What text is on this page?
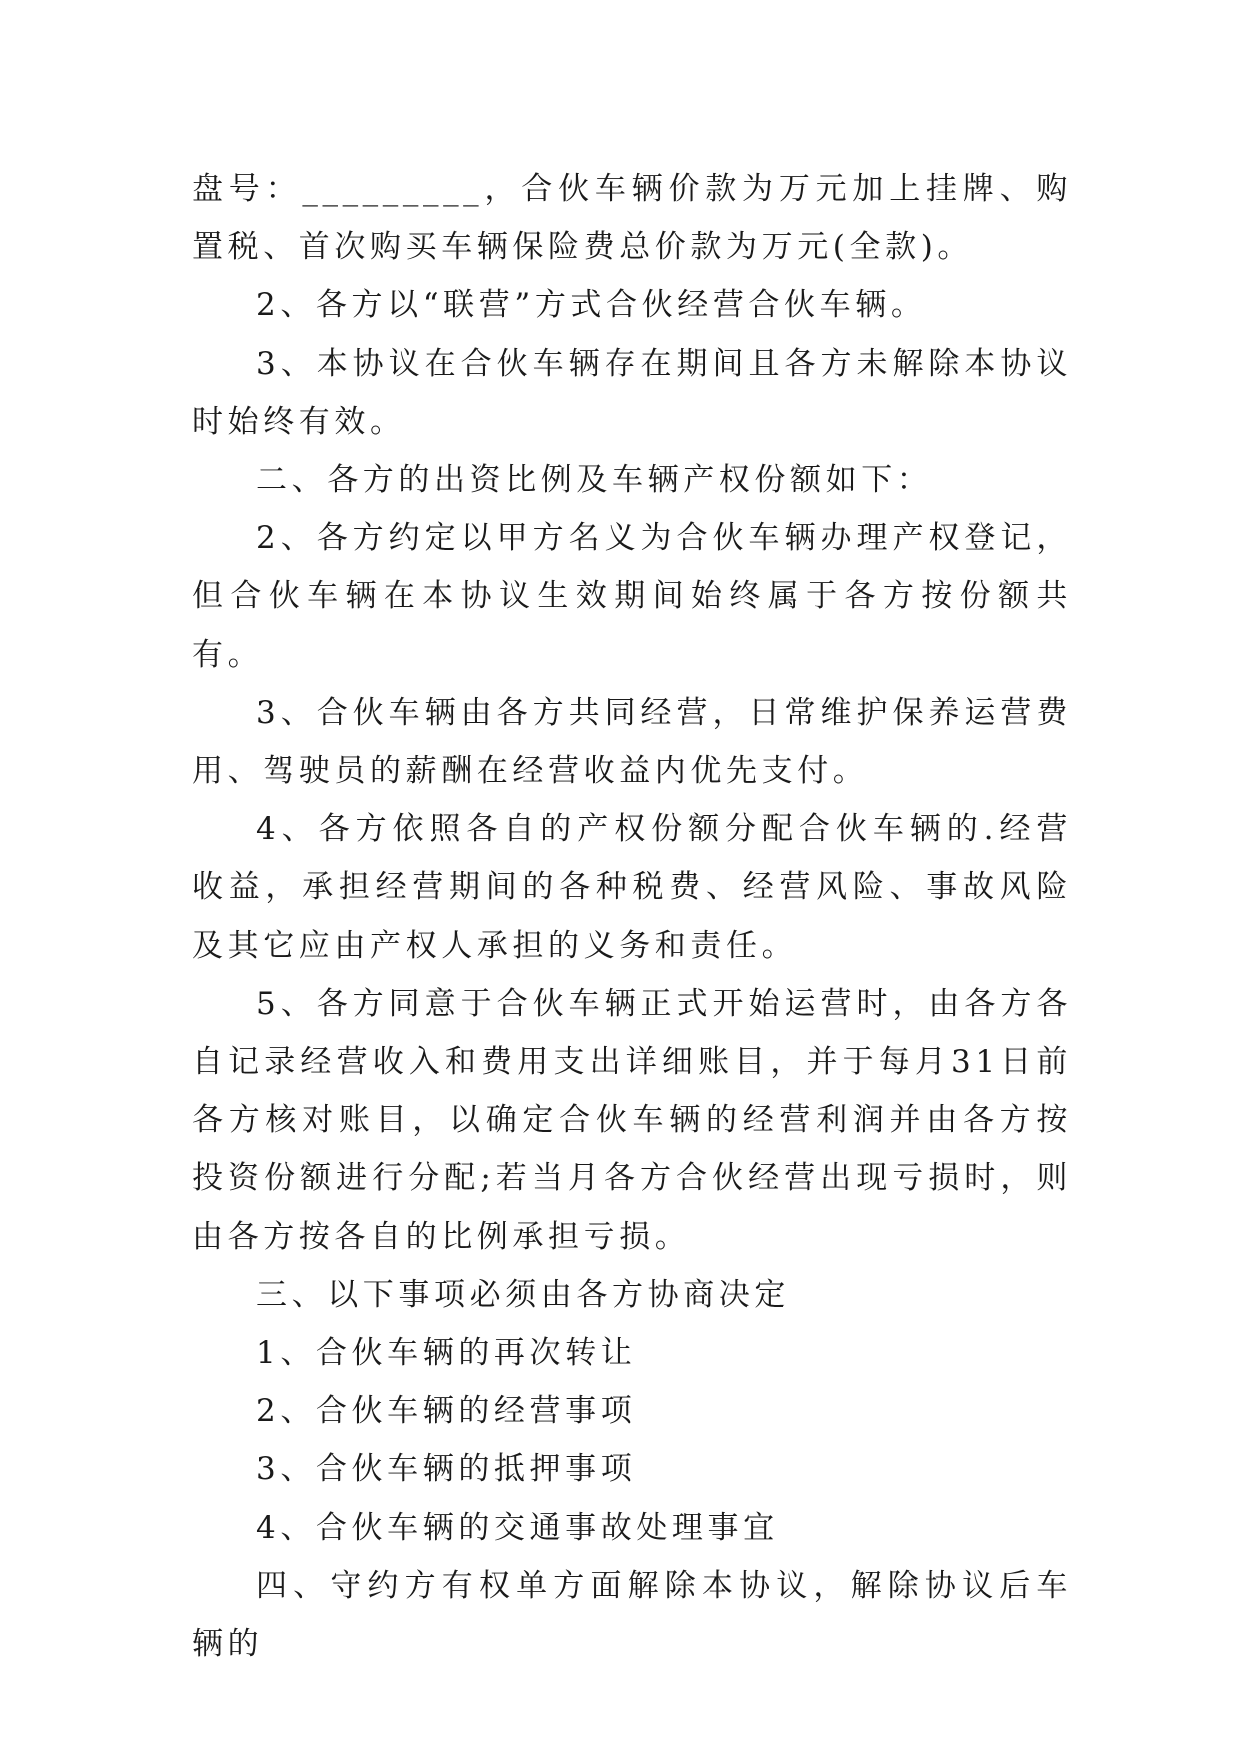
盘号：_________，合伙车辆价款为万元加上挂牌、购置税、首次购买车辆保险费总价款为万元(全款)。

2、各方以“联营”方式合伙经营合伙车辆。

3、本协议在合伙车辆存在期间且各方未解除本协议时始终有效。

二、各方的出资比例及车辆产权份额如下：

2、各方约定以甲方名义为合伙车辆办理产权登记，但合伙车辆在本协议生效期间始终属于各方按份额共有。

3、合伙车辆由各方共同经营，日常维护保养运营费用、驾驶员的薪酬在经营收益内优先支付。

4、各方依照各自的产权份额分配合伙车辆的.经营收益，承担经营期间的各种税费、经营风险、事故风险及其它应由产权人承担的义务和责任。

5、各方同意于合伙车辆正式开始运营时，由各方各自记录经营收入和费用支出详细账目，并于每月31日前各方核对账目，以确定合伙车辆的经营利润并由各方按投资份额进行分配;若当月各方合伙经营出现亏损时，则由各方按各自的比例承担亏损。

三、以下事项必须由各方协商决定

1、合伙车辆的再次转让

2、合伙车辆的经营事项

3、合伙车辆的抵押事项

4、合伙车辆的交通事故处理事宜

四、守约方有权单方面解除本协议，解除协议后车辆的
